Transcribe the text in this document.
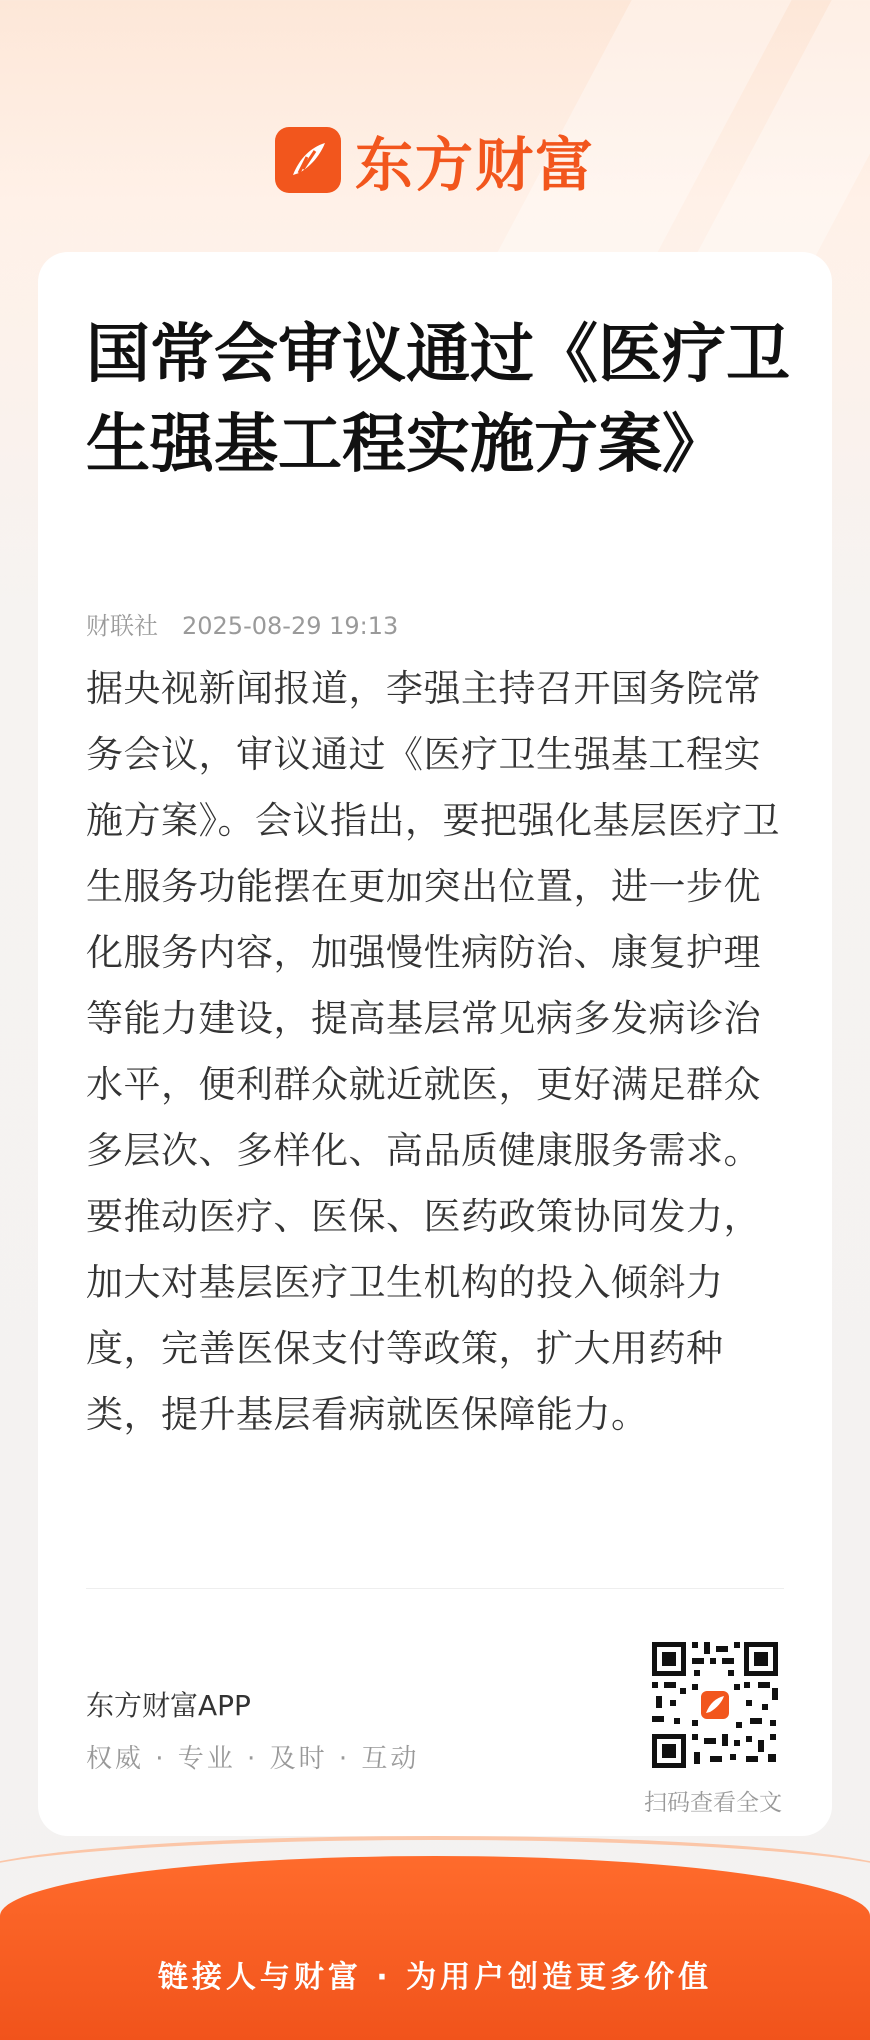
东方财富
国常会审议通过《医疗卫生强基工程实施方案》
财联社 2025-08-29 19:13

据央视新闻报道，李强主持召开国务院常务会议，审议通过《医疗卫生强基工程实施方案》。会议指出，要把强化基层医疗卫生服务功能摆在更加突出位置，进一步优化服务内容，加强慢性病防治、康复护理等能力建设，提高基层常见病多发病诊治水平，便利群众就近就医，更好满足群众多层次、多样化、高品质健康服务需求。要推动医疗、医保、医药政策协同发力，加大对基层医疗卫生机构的投入倾斜力度，完善医保支付等政策，扩大用药种类，提升基层看病就医保障能力。

东方财富APP
权威 · 专业 · 及时 · 互动
扫码查看全文
链接人与财富 · 为用户创造更多价值
